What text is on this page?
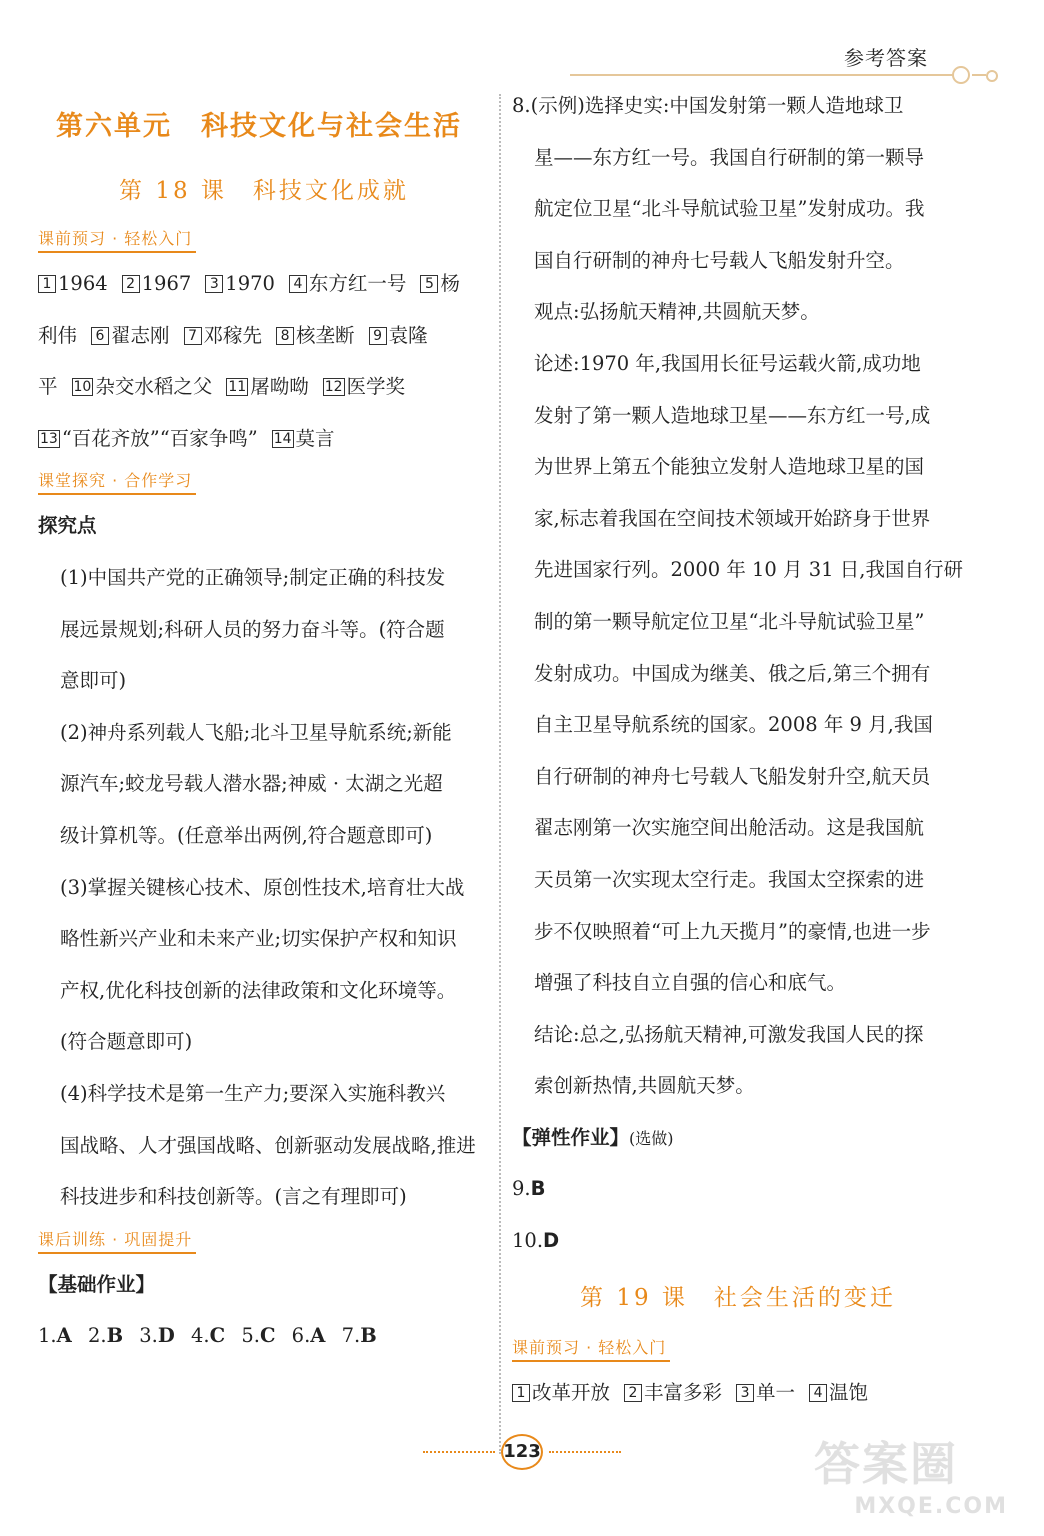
参考答案
第六单元　科技文化与社会生活
第 18 课　科技文化成就
课前预习 · 轻松入门
1 1964 2 1967 3 1970 4 东方红一号 5 杨
利伟 6 翟志刚 7 邓稼先 8 核垄断 9 袁隆
平 10 杂交水稻之父 11 屠呦呦 12 医学奖
13 “百花齐放”“百家争鸣” 14 莫言
课堂探究 · 合作学习
探究点
(1)中国共产党的正确领导;制定正确的科技发
展远景规划;科研人员的努力奋斗等。(符合题
意即可)
(2)神舟系列载人飞船;北斗卫星导航系统;新能
源汽车;蛟龙号载人潜水器;神威 · 太湖之光超
级计算机等。(任意举出两例,符合题意即可)
(3)掌握关键核心技术、原创性技术,培育壮大战
略性新兴产业和未来产业;切实保护产权和知识
产权,优化科技创新的法律政策和文化环境等。
(符合题意即可)
(4)科学技术是第一生产力;要深入实施科教兴
国战略、人才强国战略、创新驱动发展战略,推进
科技进步和科技创新等。(言之有理即可)
课后训练 · 巩固提升
【基础作业】
1.A 2.B 3.D 4.C 5.C 6.A 7.B
8.(示例)选择史实:中国发射第一颗人造地球卫
星——东方红一号。我国自行研制的第一颗导
航定位卫星“北斗导航试验卫星”发射成功。我
国自行研制的神舟七号载人飞船发射升空。
观点:弘扬航天精神,共圆航天梦。
论述:1970 年,我国用长征号运载火箭,成功地
发射了第一颗人造地球卫星——东方红一号,成
为世界上第五个能独立发射人造地球卫星的国
家,标志着我国在空间技术领域开始跻身于世界
先进国家行列。2000 年 10 月 31 日,我国自行研
制的第一颗导航定位卫星“北斗导航试验卫星”
发射成功。中国成为继美、俄之后,第三个拥有
自主卫星导航系统的国家。2008 年 9 月,我国
自行研制的神舟七号载人飞船发射升空,航天员
翟志刚第一次实施空间出舱活动。这是我国航
天员第一次实现太空行走。我国太空探索的进
步不仅映照着“可上九天揽月”的豪情,也进一步
增强了科技自立自强的信心和底气。
结论:总之,弘扬航天精神,可激发我国人民的探
索创新热情,共圆航天梦。
【弹性作业】(选做)
9.B
10.D
第 19 课　社会生活的变迁
课前预习 · 轻松入门
1 改革开放 2 丰富多彩 3 单一 4 温饱
123	答案圈
MXQE.COM
